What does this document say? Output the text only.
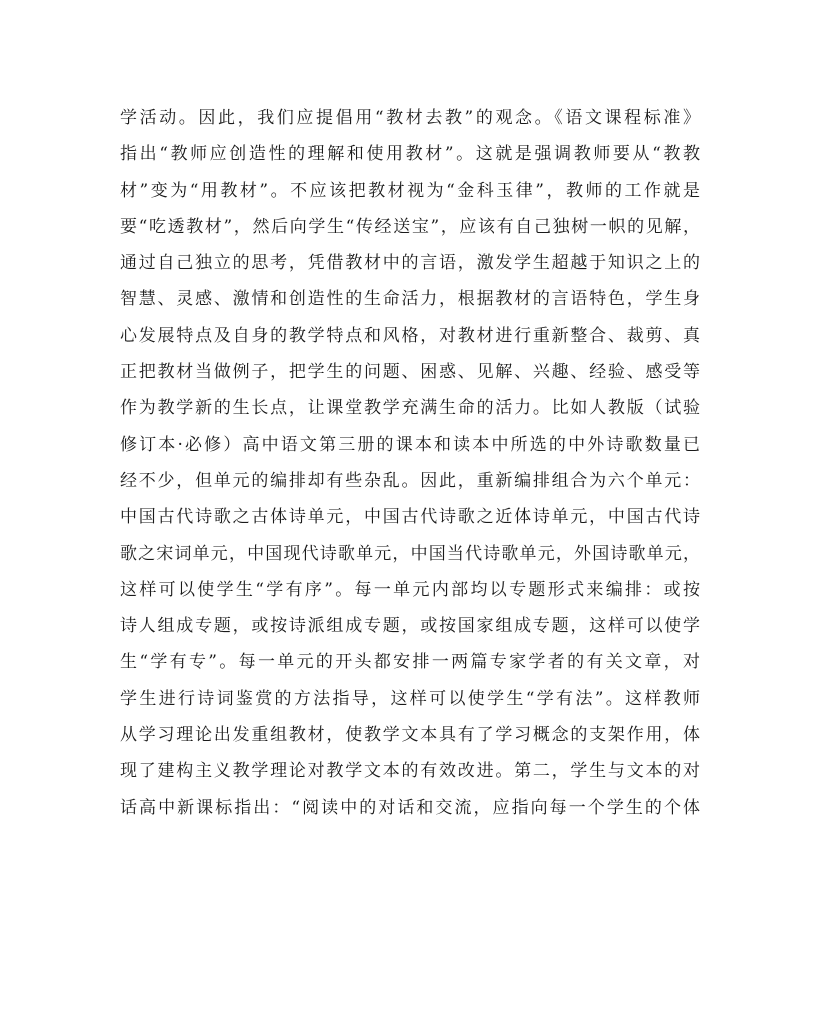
学活动。因此，我们应提倡用“教材去教”的观念。《语文课程标准》
指出“教师应创造性的理解和使用教材”。这就是强调教师要从“教教
材”变为“用教材”。不应该把教材视为“金科玉律”，教师的工作就是
要“吃透教材”，然后向学生“传经送宝”，应该有自己独树一帜的见解，
通过自己独立的思考，凭借教材中的言语，激发学生超越于知识之上的
智慧、灵感、激情和创造性的生命活力，根据教材的言语特色，学生身
心发展特点及自身的教学特点和风格，对教材进行重新整合、裁剪、真
正把教材当做例子，把学生的问题、困惑、见解、兴趣、经验、感受等
作为教学新的生长点，让课堂教学充满生命的活力。比如人教版（试验
修订本·必修）高中语文第三册的课本和读本中所选的中外诗歌数量已
经不少，但单元的编排却有些杂乱。因此，重新编排组合为六个单元：
中国古代诗歌之古体诗单元，中国古代诗歌之近体诗单元，中国古代诗
歌之宋词单元，中国现代诗歌单元，中国当代诗歌单元，外国诗歌单元，
这样可以使学生“学有序”。每一单元内部均以专题形式来编排：或按
诗人组成专题，或按诗派组成专题，或按国家组成专题，这样可以使学
生“学有专”。每一单元的开头都安排一两篇专家学者的有关文章，对
学生进行诗词鉴赏的方法指导，这样可以使学生“学有法”。这样教师
从学习理论出发重组教材，使教学文本具有了学习概念的支架作用，体
现了建构主义教学理论对教学文本的有效改进。第二，学生与文本的对
话高中新课标指出：“阅读中的对话和交流，应指向每一个学生的个体
